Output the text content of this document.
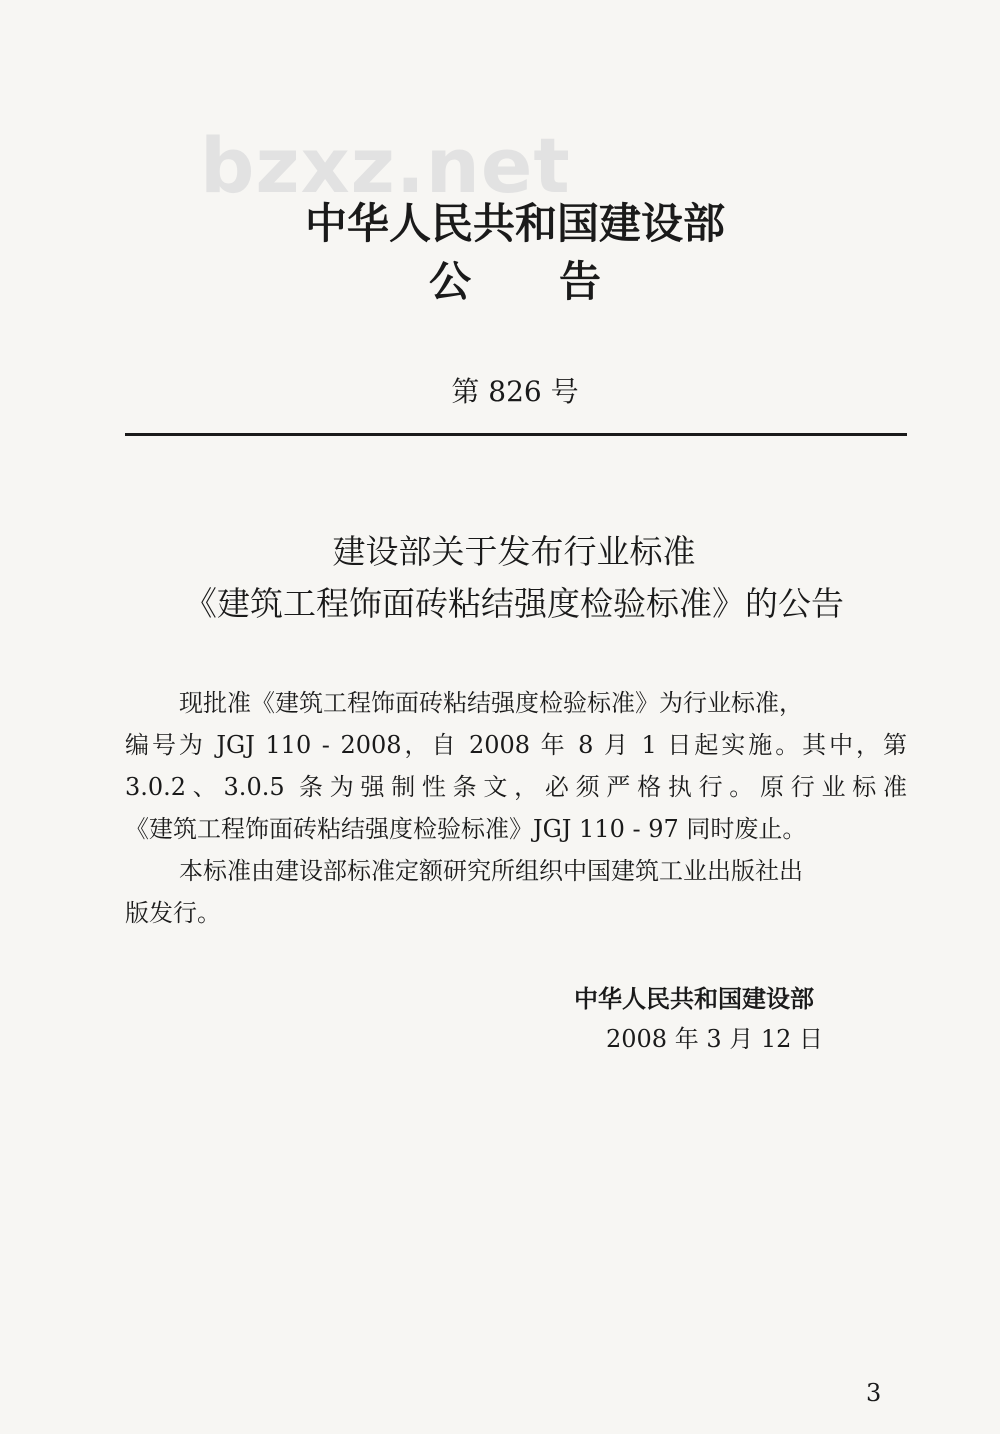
bzxz.net
中华人民共和国建设部
公告
第 826 号
建设部关于发布行业标准
《建筑工程饰面砖粘结强度检验标准》的公告
现批准《建筑工程饰面砖粘结强度检验标准》为行业标准，
编号为 JGJ 110 - 2008，自 2008 年 8 月 1 日起实施。其中，第
3.0.2、3.0.5 条为强制性条文，必须严格执行。原行业标准
《建筑工程饰面砖粘结强度检验标准》JGJ 110 - 97 同时废止。
本标准由建设部标准定额研究所组织中国建筑工业出版社出
版发行。
中华人民共和国建设部
2008 年 3 月 12 日
3
